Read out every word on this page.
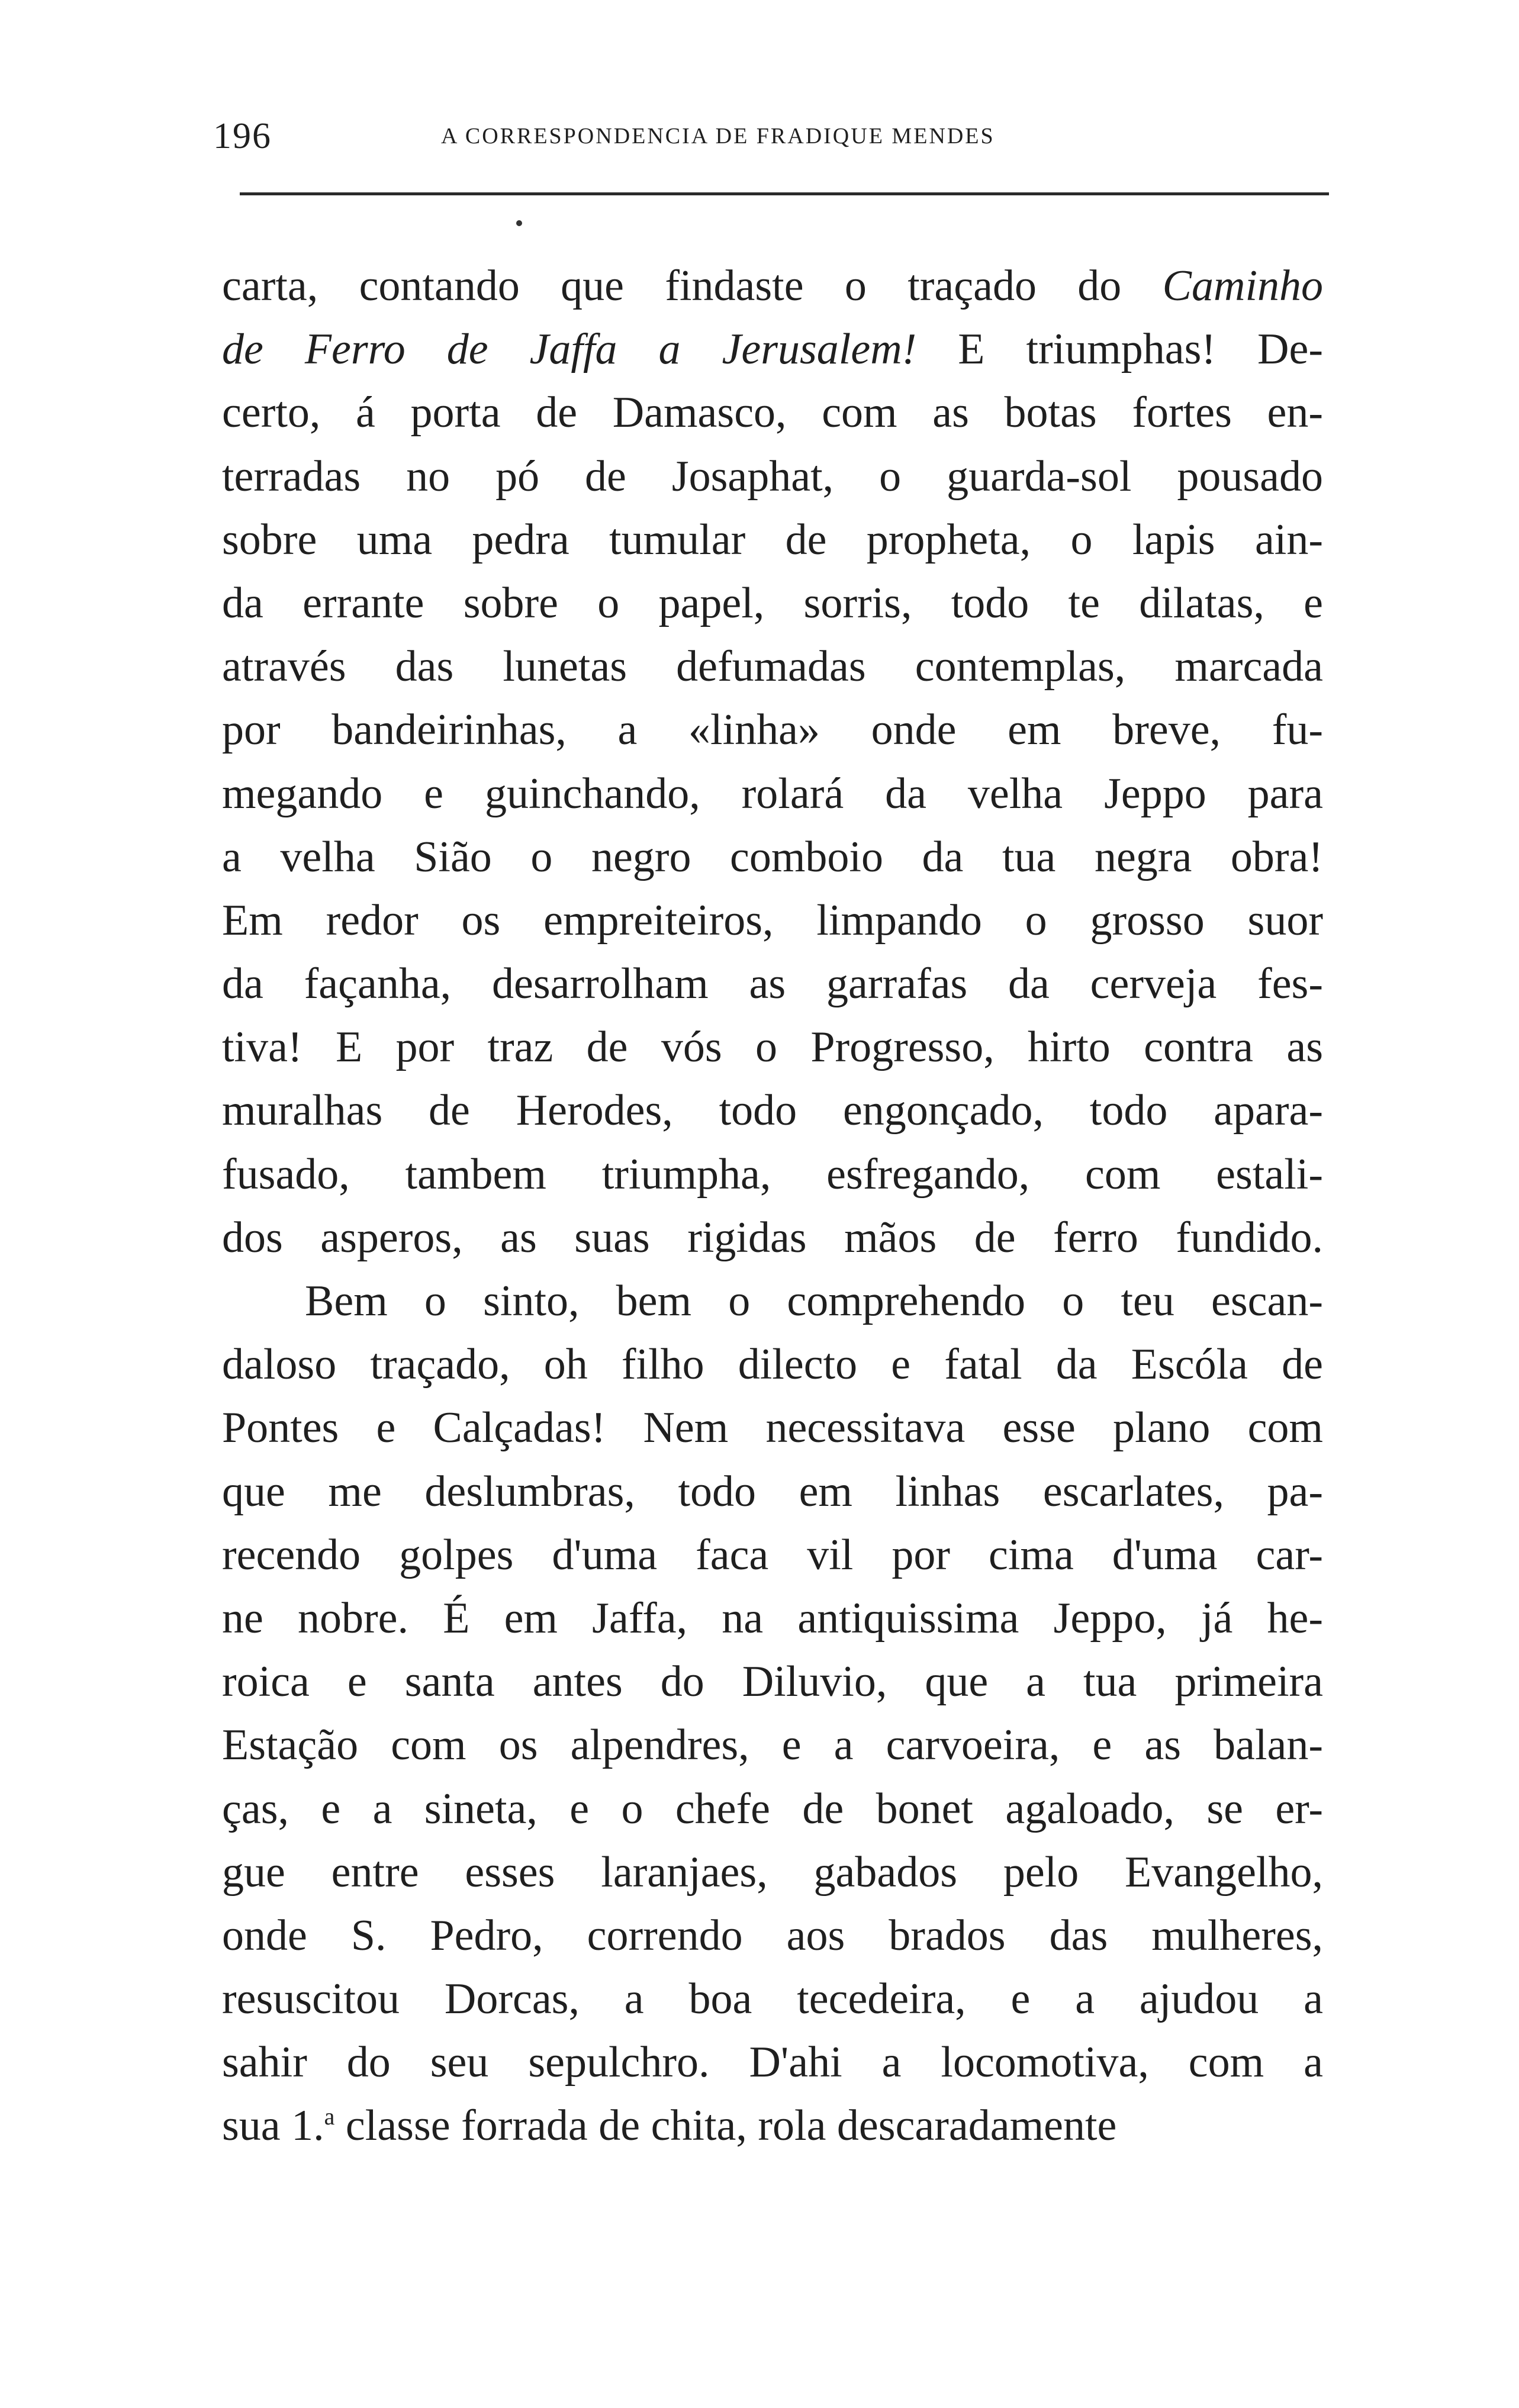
196	A CORRESPONDENCIA DE FRADIQUE MENDES
carta, contando que findaste o traçado do Caminho
de Ferro de Jaffa a Jerusalem! E triumphas! De-
certo, á porta de Damasco, com as botas fortes en-
terradas no pó de Josaphat, o guarda-sol pousado
sobre uma pedra tumular de propheta, o lapis ain-
da errante sobre o papel, sorris, todo te dilatas, e
através das lunetas defumadas contemplas, marcada
por bandeirinhas, a «linha» onde em breve, fu-
megando e guinchando, rolará da velha Jeppo para
a velha Sião o negro comboio da tua negra obra!
Em redor os empreiteiros, limpando o grosso suor
da façanha, desarrolham as garrafas da cerveja fes-
tiva! E por traz de vós o Progresso, hirto contra as
muralhas de Herodes, todo engonçado, todo apara-
fusado, tambem triumpha, esfregando, com estali-
dos asperos, as suas rigidas mãos de ferro fundido.
Bem o sinto, bem o comprehendo o teu escan-
daloso traçado, oh filho dilecto e fatal da Escóla de
Pontes e Calçadas! Nem necessitava esse plano com
que me deslumbras, todo em linhas escarlates, pa-
recendo golpes d'uma faca vil por cima d'uma car-
ne nobre. É em Jaffa, na antiquissima Jeppo, já he-
roica e santa antes do Diluvio, que a tua primeira
Estação com os alpendres, e a carvoeira, e as balan-
ças, e a sineta, e o chefe de bonet agaloado, se er-
gue entre esses laranjaes, gabados pelo Evangelho,
onde S. Pedro, correndo aos brados das mulheres,
resuscitou Dorcas, a boa tecedeira, e a ajudou a
sahir do seu sepulchro. D'ahi a locomotiva, com a
sua 1.$^a$ classe forrada de chita, rola descaradamente
